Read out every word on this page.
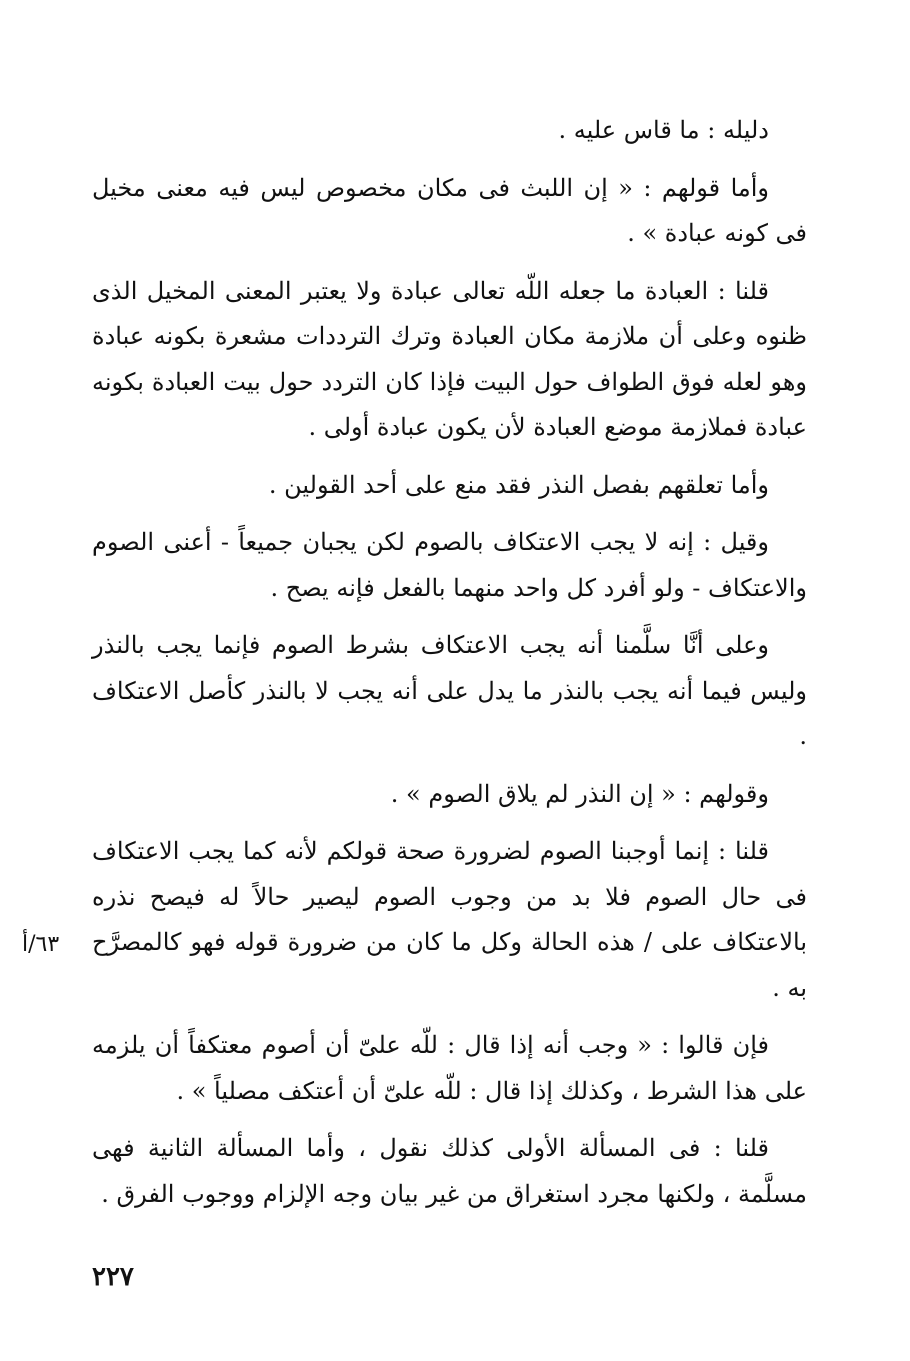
دليله : ما قاس عليه .

وأما قولهم : « إن اللبث فى مكان مخصوص ليس فيه معنى مخيل فى كونه عبادة » .

قلنا : العبادة ما جعله اللّه تعالى عبادة ولا يعتبر المعنى المخيل الذى ظنوه وعلى أن ملازمة مكان العبادة وترك الترددات مشعرة بكونه عبادة وهو لعله فوق الطواف حول البيت فإذا كان التردد حول بيت العبادة بكونه عبادة فملازمة موضع العبادة لأن يكون عبادة أولى .

وأما تعلقهم بفصل النذر فقد منع على أحد القولين .

وقيل : إنه لا يجب الاعتكاف بالصوم لكن يجبان جميعاً - أعنى الصوم والاعتكاف - ولو أفرد كل واحد منهما بالفعل فإنه يصح .

وعلى أنَّا سلَّمنا أنه يجب الاعتكاف بشرط الصوم فإنما يجب بالنذر وليس فيما أنه يجب بالنذر ما يدل على أنه يجب لا بالنذر كأصل الاعتكاف .

وقولهم : « إن النذر لم يلاق الصوم » .

قلنا : إنما أوجبنا الصوم لضرورة صحة قولكم لأنه كما يجب الاعتكاف فى حال الصوم فلا بد من وجوب الصوم ليصير حالاً له فيصح نذره بالاعتكاف على / هذه الحالة وكل ما كان من ضرورة قوله فهو كالمصرَّح به .

فإن قالوا : « وجب أنه إذا قال : للّه علىّ أن أصوم معتكفاً أن يلزمه على هذا الشرط ، وكذلك إذا قال : للّه علىّ أن أعتكف مصلياً » .

قلنا : فى المسألة الأولى كذلك نقول ، وأما المسألة الثانية فهى مسلَّمة ، ولكنها مجرد استغراق من غير بيان وجه الإلزام ووجوب الفرق .

٦٣/أ
٢٢٧
